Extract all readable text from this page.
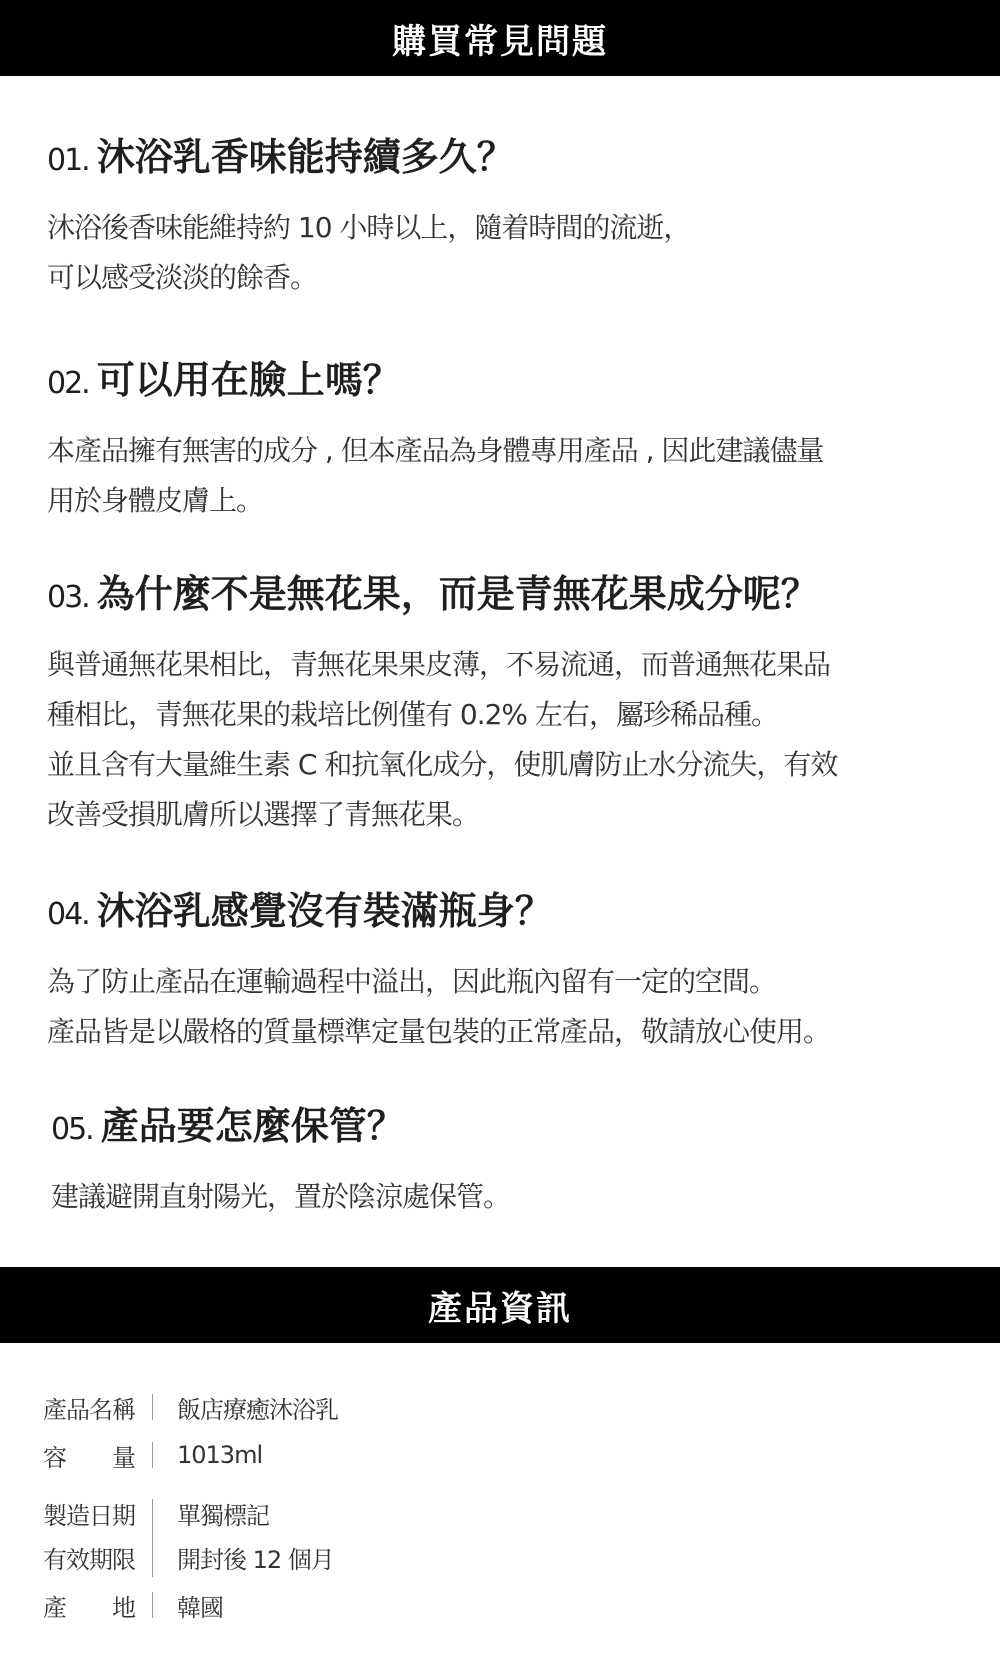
購買常見問題

01. 沐浴乳香味能持續多久？

沐浴後香味能維持約 10 小時以上，隨着時間的流逝，
可以感受淡淡的餘香。

02. 可以用在臉上嗎？

本產品擁有無害的成分 , 但本產品為身體專用產品 , 因此建議儘量
用於身體皮膚上。

03. 為什麼不是無花果，而是青無花果成分呢？

與普通無花果相比，青無花果果皮薄，不易流通，而普通無花果品
種相比，青無花果的栽培比例僅有 0.2% 左右，屬珍稀品種。
並且含有大量維生素 C 和抗氧化成分，使肌膚防止水分流失，有效
改善受損肌膚所以選擇了青無花果。

04. 沐浴乳感覺沒有裝滿瓶身？

為了防止產品在運輸過程中溢出，因此瓶內留有一定的空間。
產品皆是以嚴格的質量標準定量包裝的正常產品，敬請放心使用。

05. 產品要怎麼保管？

建議避開直射陽光，置於陰涼處保管。

產品資訊
產品名稱 飯店療癒沐浴乳
容 量 1013ml
製造日期 單獨標記
有效期限 開封後 12 個月
產 地 韓國
